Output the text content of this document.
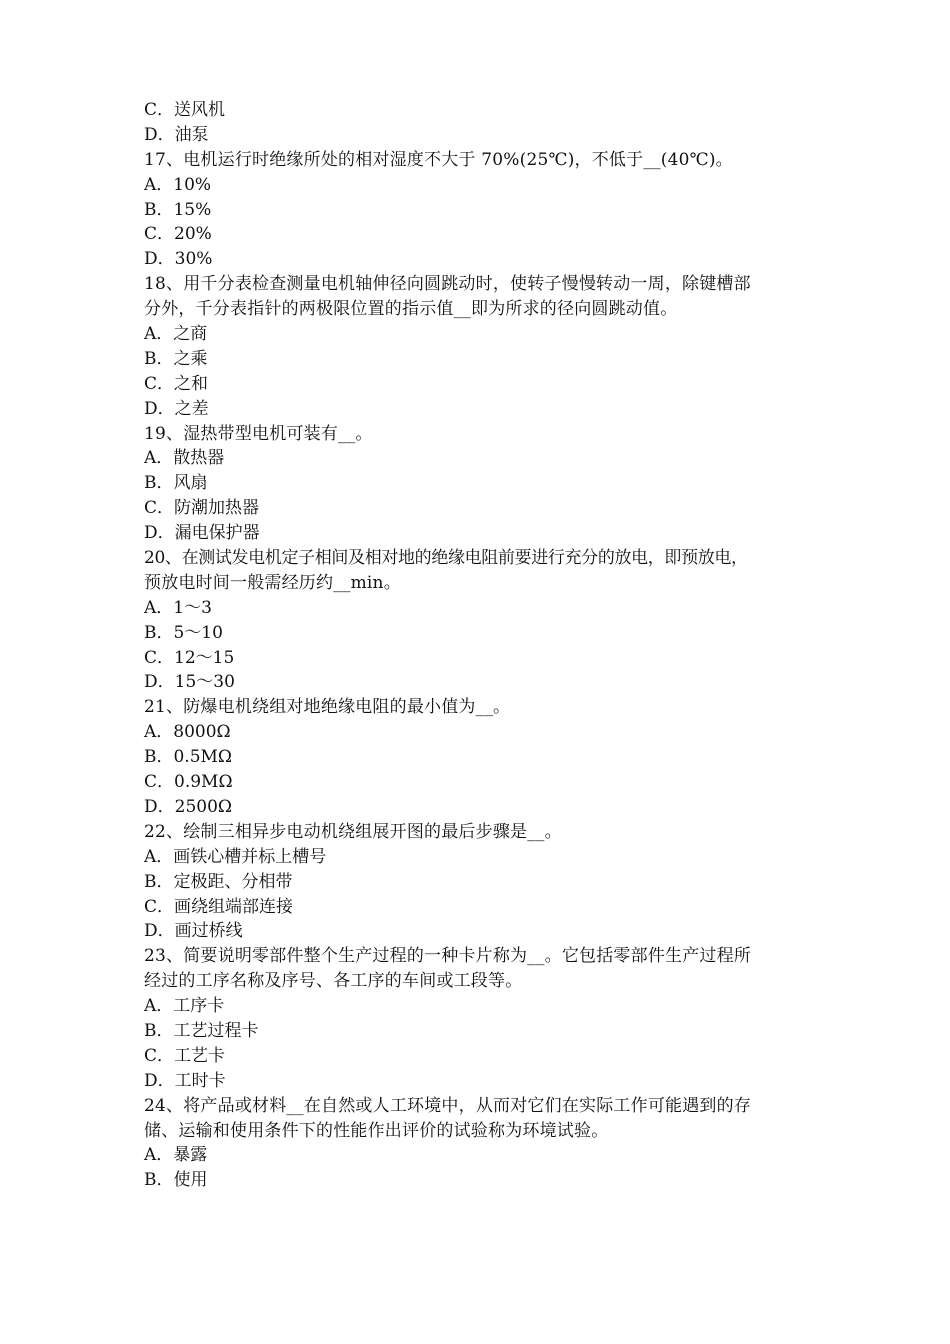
C．送风机
D．油泵
17、电机运行时绝缘所处的相对湿度不大于 70%(25℃)，不低于__(40℃)。
A．10%
B．15%
C．20%
D．30%
18、用千分表检查测量电机轴伸径向圆跳动时，使转子慢慢转动一周，除键槽部
分外，千分表指针的两极限位置的指示值__即为所求的径向圆跳动值。
A．之商
B．之乘
C．之和
D．之差
19、湿热带型电机可装有__。
A．散热器
B．风扇
C．防潮加热器
D．漏电保护器
20、在测试发电机定子相间及相对地的绝缘电阻前要进行充分的放电，即预放电，
预放电时间一般需经历约__min。
A．1～3
B．5～10
C．12～15
D．15～30
21、防爆电机绕组对地绝缘电阻的最小值为__。
A．8000Ω
B．0.5MΩ
C．0.9MΩ
D．2500Ω
22、绘制三相异步电动机绕组展开图的最后步骤是__。
A．画铁心槽并标上槽号
B．定极距、分相带
C．画绕组端部连接
D．画过桥线
23、简要说明零部件整个生产过程的一种卡片称为__。它包括零部件生产过程所
经过的工序名称及序号、各工序的车间或工段等。
A．工序卡
B．工艺过程卡
C．工艺卡
D．工时卡
24、将产品或材料__在自然或人工环境中，从而对它们在实际工作可能遇到的存
储、运输和使用条件下的性能作出评价的试验称为环境试验。
A．暴露
B．使用
